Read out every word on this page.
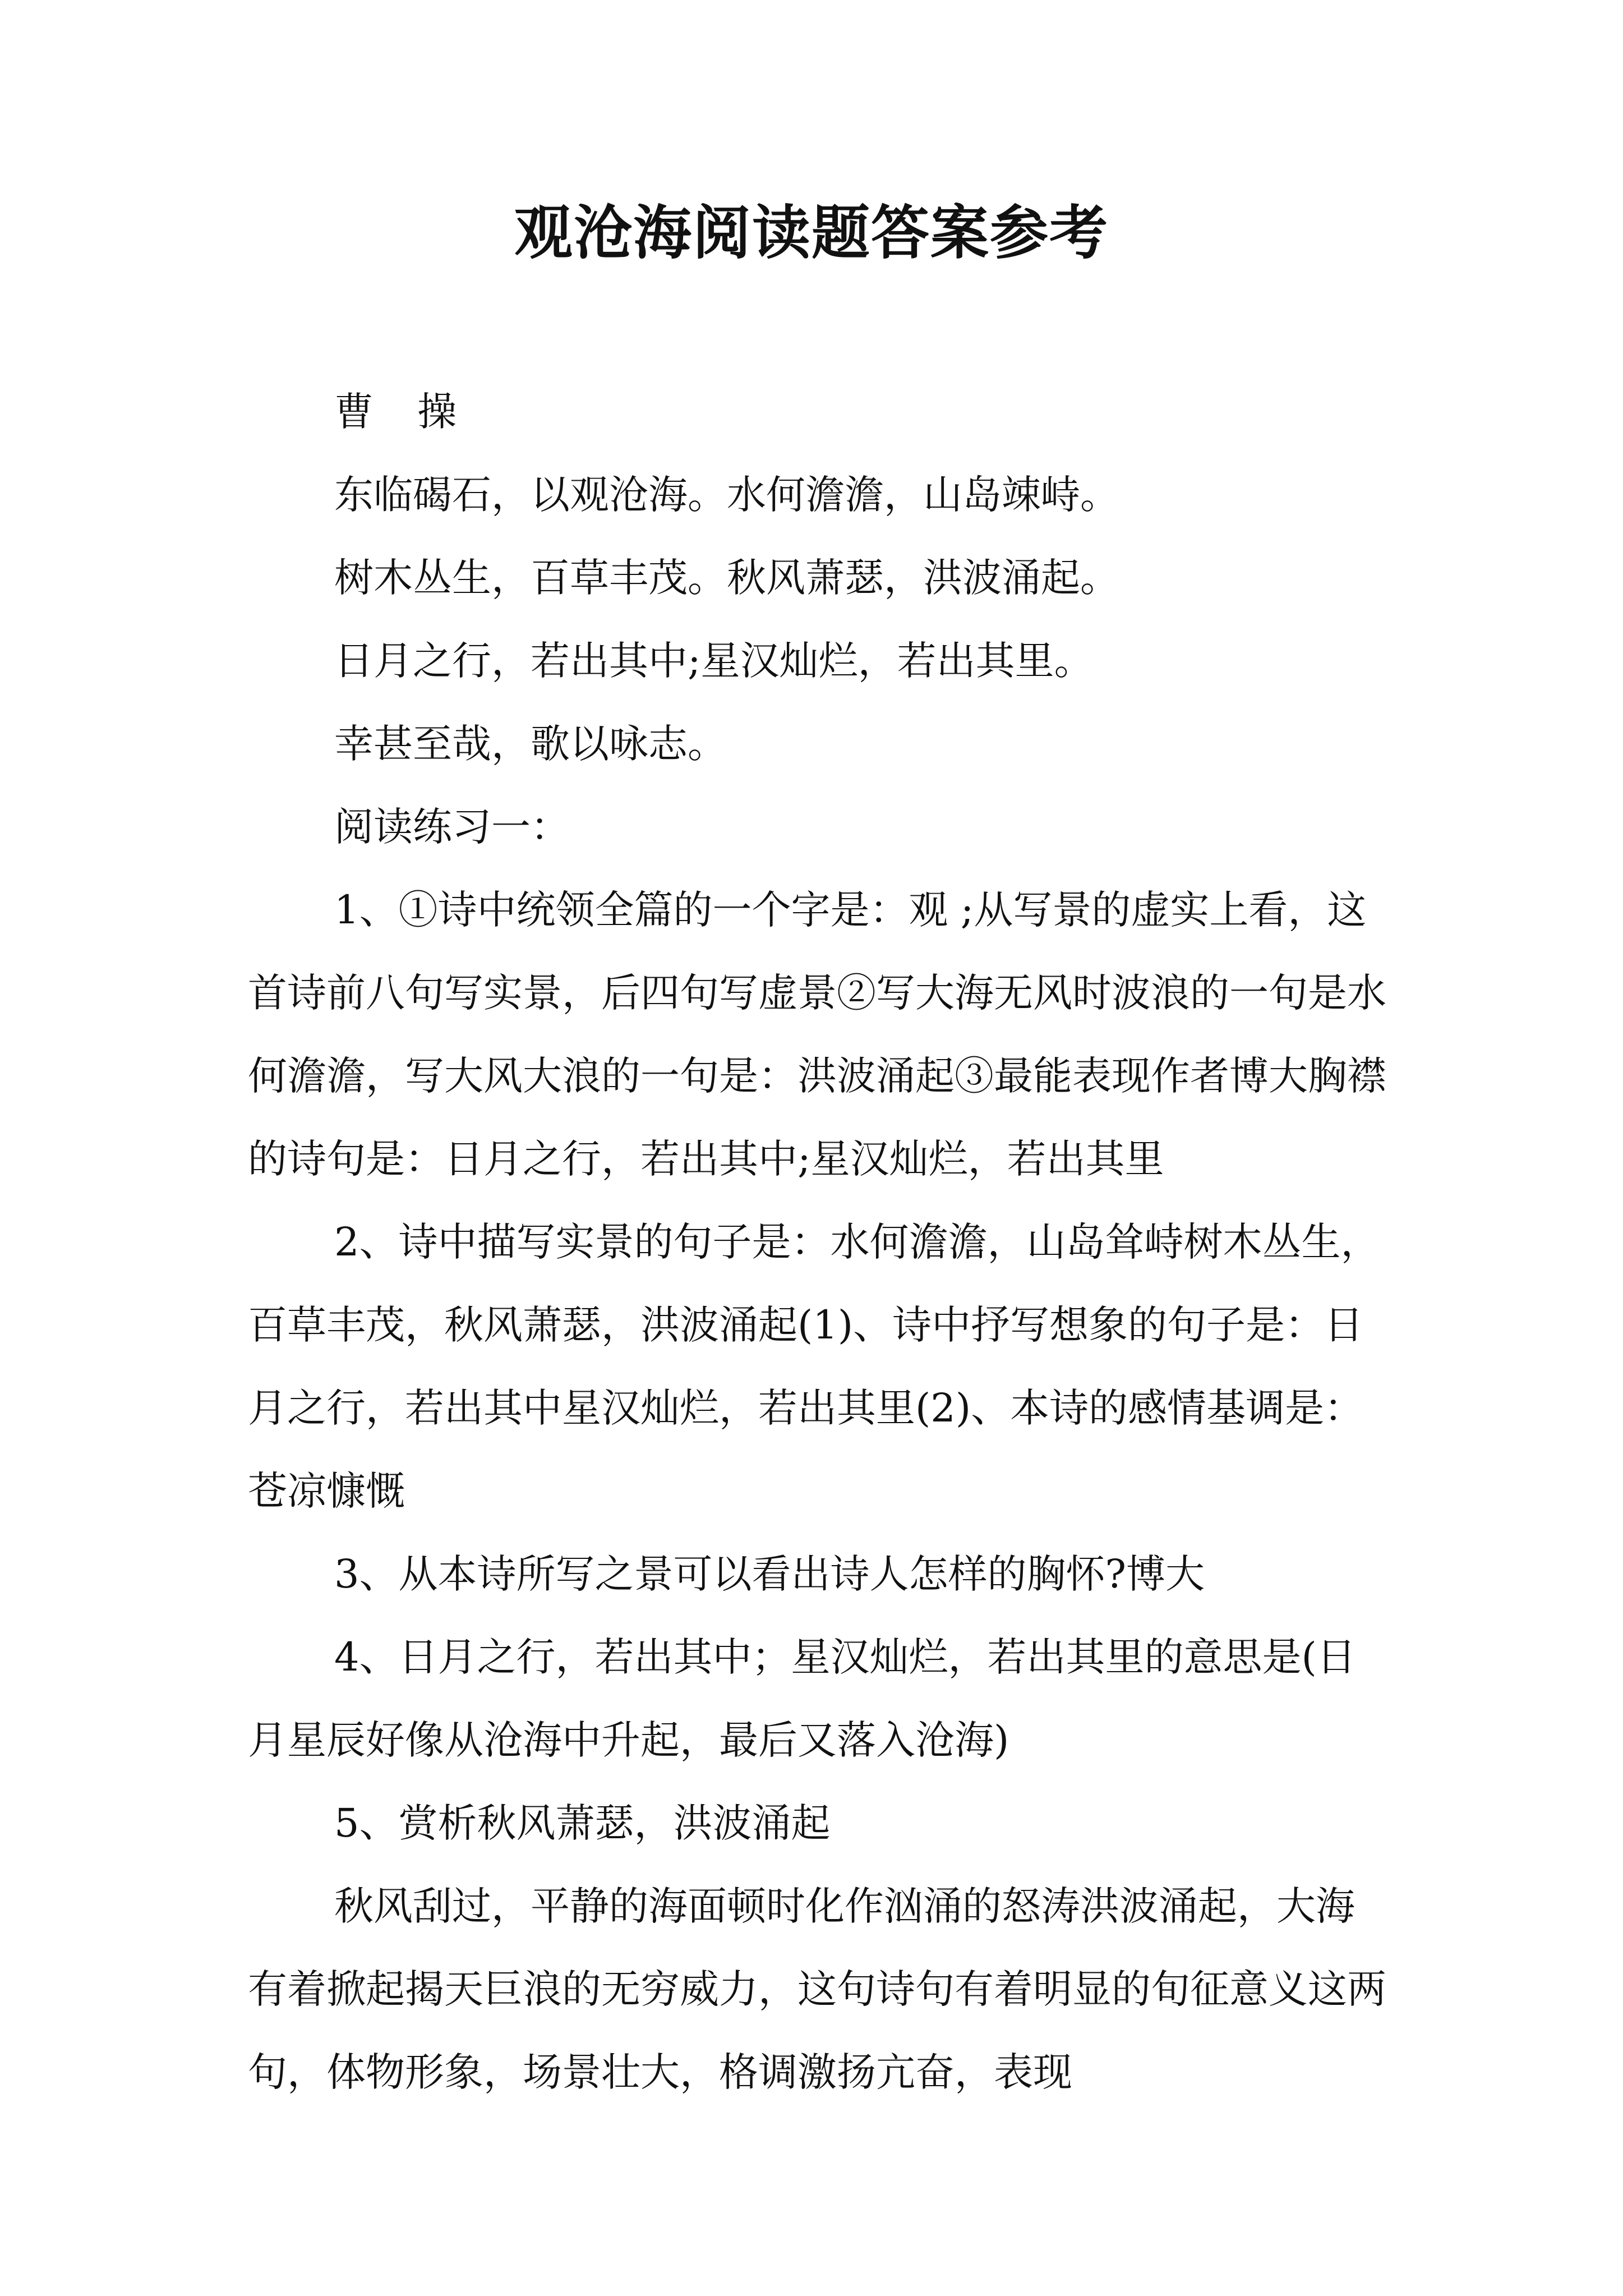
观沧海阅读题答案参考

曹 操

东临碣石，以观沧海。水何澹澹，山岛竦峙。

树木丛生，百草丰茂。秋风萧瑟，洪波涌起。

日月之行，若出其中;星汉灿烂，若出其里。

幸甚至哉，歌以咏志。

阅读练习一：

1、①诗中统领全篇的一个字是：观 ;从写景的虚实上看，这首诗前八句写实景，后四句写虚景②写大海无风时波浪的一句是水何澹澹，写大风大浪的一句是：洪波涌起③最能表现作者博大胸襟的诗句是：日月之行，若出其中;星汉灿烂，若出其里

2、诗中描写实景的句子是：水何澹澹，山岛耸峙树木丛生，百草丰茂，秋风萧瑟，洪波涌起(1)、诗中抒写想象的句子是：日月之行，若出其中星汉灿烂，若出其里(2)、本诗的感情基调是：苍凉慷慨

3、从本诗所写之景可以看出诗人怎样的胸怀?博大

4、日月之行，若出其中；星汉灿烂，若出其里的意思是(日月星辰好像从沧海中升起，最后又落入沧海)

5、赏析秋风萧瑟，洪波涌起

秋风刮过，平静的海面顿时化作汹涌的怒涛洪波涌起，大海有着掀起揭天巨浪的无穷威力，这句诗句有着明显的旬征意义这两句，体物形象，场景壮大，格调激扬亢奋，表现
